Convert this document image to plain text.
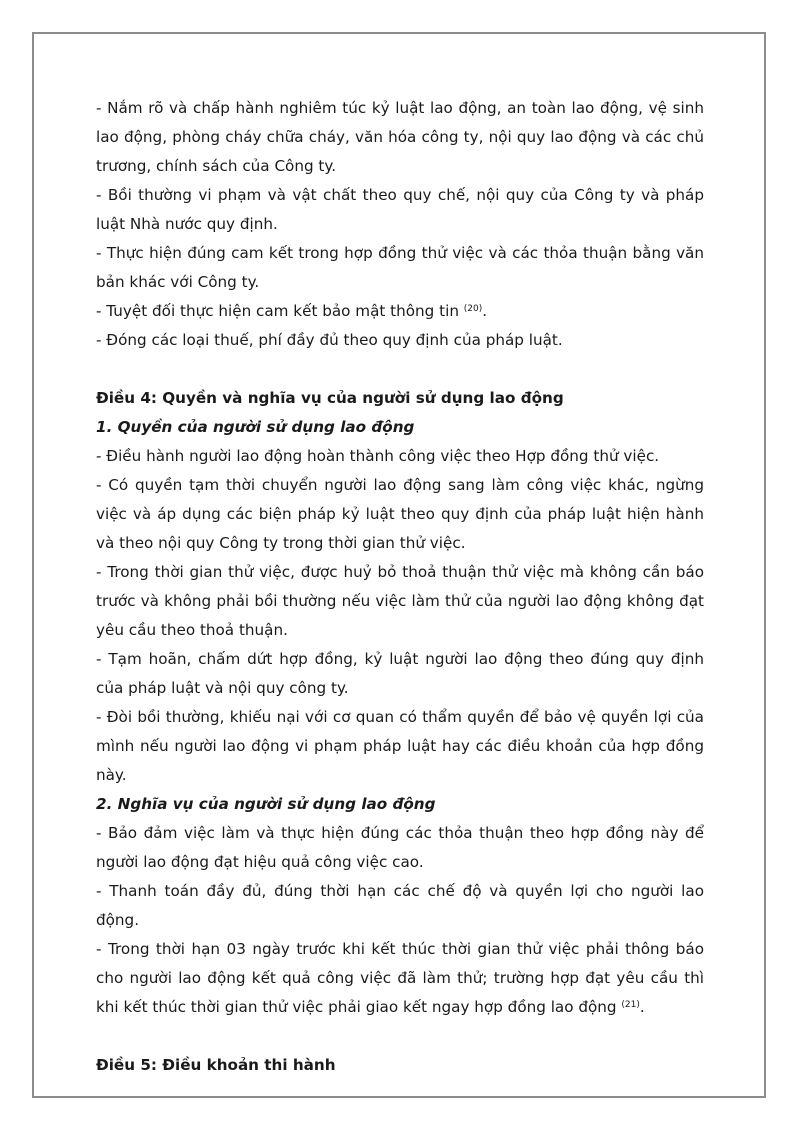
- Nắm rõ và chấp hành nghiêm túc kỷ luật lao động, an toàn lao động, vệ sinh lao động, phòng cháy chữa cháy, văn hóa công ty, nội quy lao động và các chủ trương, chính sách của Công ty.

- Bồi thường vi phạm và vật chất theo quy chế, nội quy của Công ty và pháp luật Nhà nước quy định.

- Thực hiện đúng cam kết trong hợp đồng thử việc và các thỏa thuận bằng văn bản khác với Công ty.

- Tuyệt đối thực hiện cam kết bảo mật thông tin $^{(20)}$.

- Đóng các loại thuế, phí đầy đủ theo quy định của pháp luật.

Điều 4: Quyền và nghĩa vụ của người sử dụng lao động

1. Quyền của người sử dụng lao động

- Điều hành người lao động hoàn thành công việc theo Hợp đồng thử việc.

- Có quyền tạm thời chuyển người lao động sang làm công việc khác, ngừng việc và áp dụng các biện pháp kỷ luật theo quy định của pháp luật hiện hành và theo nội quy Công ty trong thời gian thử việc.

- Trong thời gian thử việc, được huỷ bỏ thoả thuận thử việc mà không cần báo trước và không phải bồi thường nếu việc làm thử của người lao động không đạt yêu cầu theo thoả thuận.

- Tạm hoãn, chấm dứt hợp đồng, kỷ luật người lao động theo đúng quy định của pháp luật và nội quy công ty.

- Đòi bồi thường, khiếu nại với cơ quan có thẩm quyền để bảo vệ quyền lợi của mình nếu người lao động vi phạm pháp luật hay các điều khoản của hợp đồng này.

2. Nghĩa vụ của người sử dụng lao động

- Bảo đảm việc làm và thực hiện đúng các thỏa thuận theo hợp đồng này để người lao động đạt hiệu quả công việc cao.

- Thanh toán đầy đủ, đúng thời hạn các chế độ và quyền lợi cho người lao động.

- Trong thời hạn 03 ngày trước khi kết thúc thời gian thử việc phải thông báo cho người lao động kết quả công việc đã làm thử; trường hợp đạt yêu cầu thì khi kết thúc thời gian thử việc phải giao kết ngay hợp đồng lao động $^{(21)}$.

Điều 5: Điều khoản thi hành
